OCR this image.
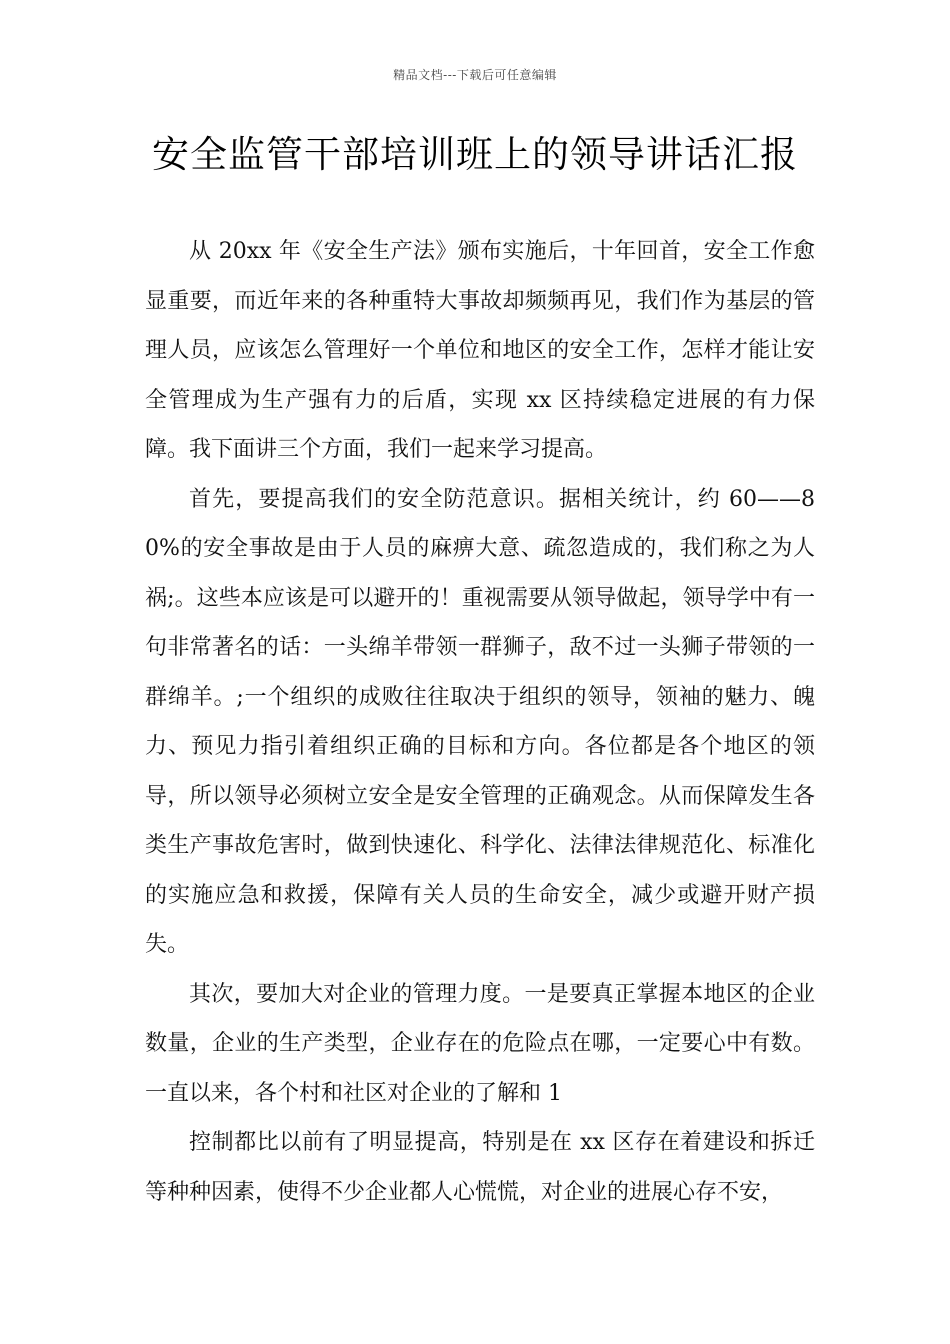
精品文档---下载后可任意编辑
安全监管干部培训班上的领导讲话汇报

从 20xx 年《安全生产法》颁布实施后，十年回首，安全工作愈显重要，而近年来的各种重特大事故却频频再见，我们作为基层的管理人员，应该怎么管理好一个单位和地区的安全工作，怎样才能让安全管理成为生产强有力的后盾，实现 xx 区持续稳定进展的有力保障。我下面讲三个方面，我们一起来学习提高。

首先，要提高我们的安全防范意识。据相关统计，约 60——80%的安全事故是由于人员的麻痹大意、疏忽造成的，我们称之为人祸;。这些本应该是可以避开的！重视需要从领导做起，领导学中有一句非常著名的话：一头绵羊带领一群狮子，敌不过一头狮子带领的一群绵羊。;一个组织的成败往往取决于组织的领导，领袖的魅力、魄力、预见力指引着组织正确的目标和方向。各位都是各个地区的领导，所以领导必须树立安全是安全管理的正确观念。从而保障发生各类生产事故危害时，做到快速化、科学化、法律法律规范化、标准化的实施应急和救援，保障有关人员的生命安全，减少或避开财产损失。

其次，要加大对企业的管理力度。一是要真正掌握本地区的企业数量，企业的生产类型，企业存在的危险点在哪，一定要心中有数。一直以来，各个村和社区对企业的了解和 1

控制都比以前有了明显提高，特别是在 xx 区存在着建设和拆迁等种种因素，使得不少企业都人心慌慌，对企业的进展心存不安，
